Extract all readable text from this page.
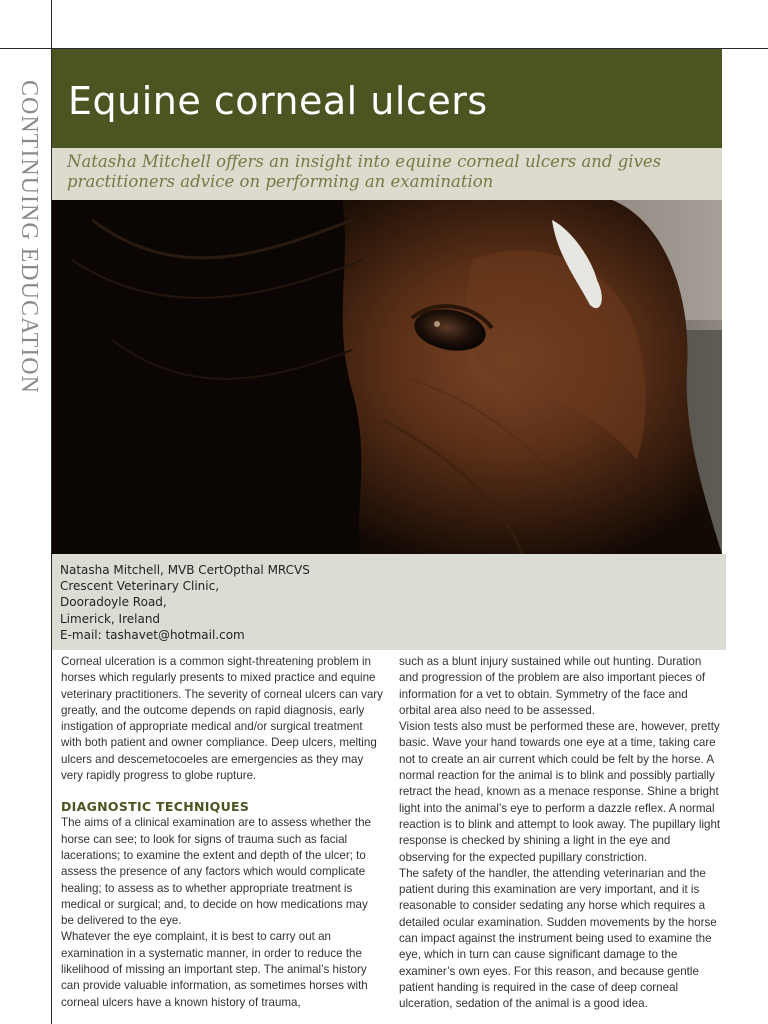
CONTINUING EDUCATION Equine corneal ulcers

Natasha Mitchell offers an insight into equine corneal ulcers and gives practitioners advice on performing an examination

Natasha Mitchell, MVB CertOpthal MRCVS
Crescent Veterinary Clinic,
Dooradoyle Road,
Limerick, Ireland
E-mail: tashavet@hotmail.com

Corneal ulceration is a common sight-threatening problem in horses which regularly presents to mixed practice and equine veterinary practitioners. The severity of corneal ulcers can vary greatly, and the outcome depends on rapid diagnosis, early instigation of appropriate medical and/or surgical treatment with both patient and owner compliance. Deep ulcers, melting ulcers and descemetocoeles are emergencies as they may very rapidly progress to globe rupture.

DIAGNOSTIC TECHNIQUES

The aims of a clinical examination are to assess whether the horse can see; to look for signs of trauma such as facial lacerations; to examine the extent and depth of the ulcer; to assess the presence of any factors which would complicate healing; to assess as to whether appropriate treatment is medical or surgical; and, to decide on how medications may be delivered to the eye.

Whatever the eye complaint, it is best to carry out an examination in a systematic manner, in order to reduce the likelihood of missing an important step. The animal’s history can provide valuable information, as sometimes horses with corneal ulcers have a known history of trauma,

such as a blunt injury sustained while out hunting. Duration and progression of the problem are also important pieces of information for a vet to obtain. Symmetry of the face and orbital area also need to be assessed.

Vision tests also must be performed these are, however, pretty basic. Wave your hand towards one eye at a time, taking care not to create an air current which could be felt by the horse. A normal reaction for the animal is to blink and possibly partially retract the head, known as a menace response. Shine a bright light into the animal’s eye to perform a dazzle reflex. A normal reaction is to blink and attempt to look away. The pupillary light response is checked by shining a light in the eye and observing for the expected pupillary constriction.

The safety of the handler, the attending veterinarian and the patient during this examination are very important, and it is reasonable to consider sedating any horse which requires a detailed ocular examination. Sudden movements by the horse can impact against the instrument being used to examine the eye, which in turn can cause significant damage to the examiner’s own eyes. For this reason, and because gentle patient handing is required in the case of deep corneal ulceration, sedation of the animal is a good idea.
